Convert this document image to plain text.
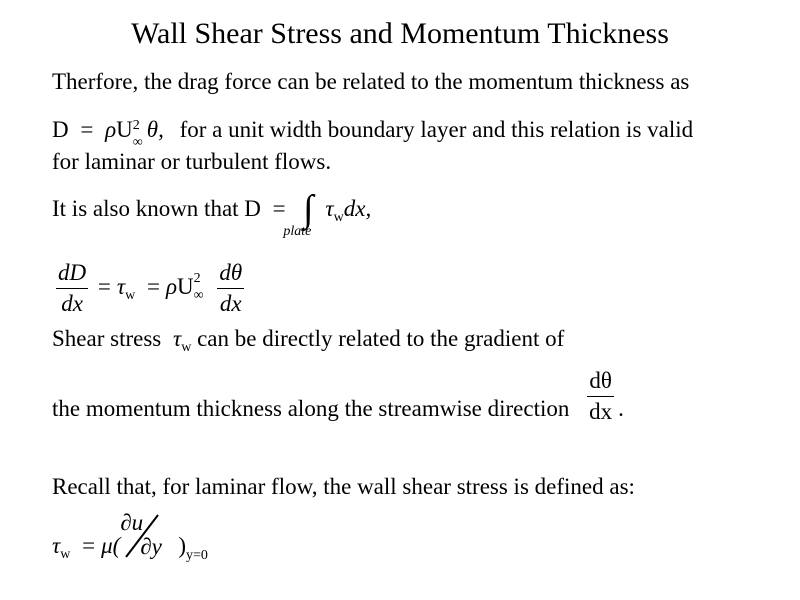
Wall Shear Stress and Momentum Thickness
Therfore, the drag force can be related to the momentum thickness as
D = ρU 2
∞
θ, for a unit width boundary layer and this relation is valid
for laminar or turbulent flows.
It is also known that D = ∫
plate
$\tau_wdx$,
$\frac{dD}{dx} = \tau_w = \rho U$ 2
∞
$\frac{d\theta}{dx}$
Shear stress $\tau_w$ can be directly related to the gradient of
the momentum thickness along the streamwise direction $\frac{d\theta}{dx}$ .
Recall that, for laminar flow, the wall shear stress is defined as:
$\tau_w = \mu$(
∂u
∂y )$_{y=0}$
